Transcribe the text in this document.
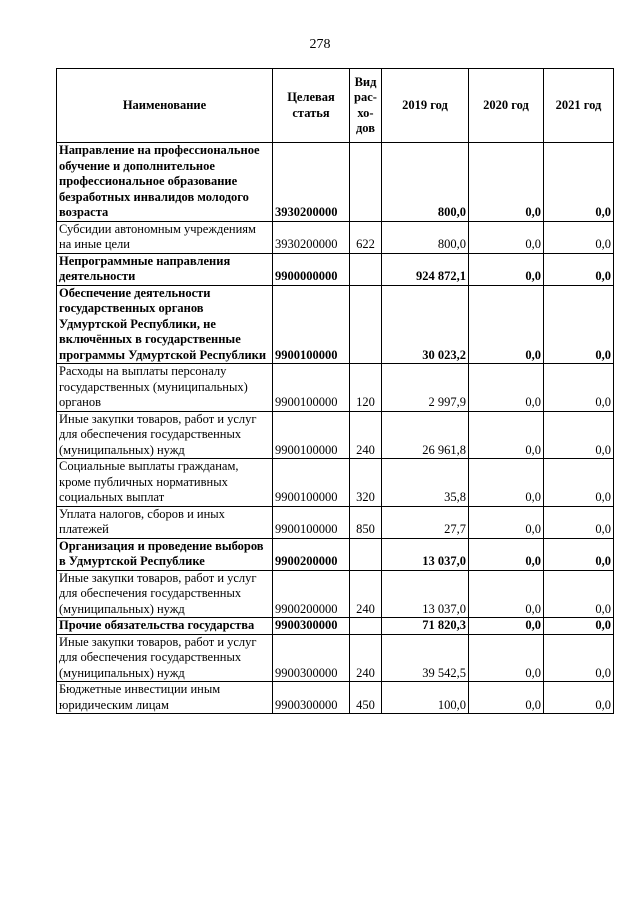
278
Наименование	Целевая статья	Вид рас-хо-дов	2019 год	2020 год	2021 год
Направление на профессиональное обучение и дополнительное профессиональное образование безработных инвалидов молодого возраста	3930200000		800,0	0,0	0,0
Субсидии автономным учреждениям на иные цели	3930200000	622	800,0	0,0	0,0
Непрограммные направления деятельности	9900000000		924 872,1	0,0	0,0
Обеспечение деятельности государственных органов Удмуртской Республики, не включённых в государственные программы Удмуртской Республики	9900100000		30 023,2	0,0	0,0
Расходы на выплаты персоналу государственных (муниципальных) органов	9900100000	120	2 997,9	0,0	0,0
Иные закупки товаров, работ и услуг для обеспечения государственных (муниципальных) нужд	9900100000	240	26 961,8	0,0	0,0
Социальные выплаты гражданам, кроме публичных нормативных социальных выплат	9900100000	320	35,8	0,0	0,0
Уплата налогов, сборов и иных платежей	9900100000	850	27,7	0,0	0,0
Организация и проведение выборов в Удмуртской Республике	9900200000		13 037,0	0,0	0,0
Иные закупки товаров, работ и услуг для обеспечения государственных (муниципальных) нужд	9900200000	240	13 037,0	0,0	0,0
Прочие обязательства государства	9900300000		71 820,3	0,0	0,0
Иные закупки товаров, работ и услуг для обеспечения государственных (муниципальных) нужд	9900300000	240	39 542,5	0,0	0,0
Бюджетные инвестиции иным юридическим лицам	9900300000	450	100,0	0,0	0,0
